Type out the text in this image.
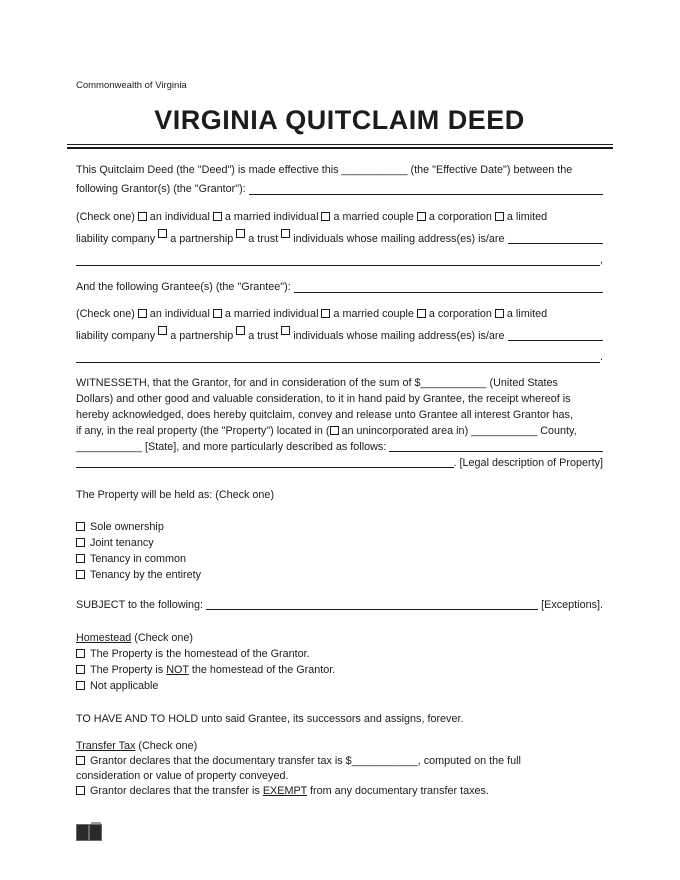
Commonwealth of Virginia
VIRGINIA QUITCLAIM DEED
This Quitclaim Deed (the "Deed") is made effective this ___________ (the "Effective Date") between the
following Grantor(s) (the "Grantor"):
(Check one)  an individual  a married individual  a married couple  a corporation  a limited
liability company a partnership a trust individuals whose mailing address(es) is/are
,
And the following Grantee(s) (the "Grantee"):
(Check one)  an individual  a married individual  a married couple  a corporation  a limited
liability company a partnership a trust individuals whose mailing address(es) is/are
.
WITNESSETH, that the Grantor, for and in consideration of the sum of $___________ (United States
Dollars) and other good and valuable consideration, to it in hand paid by Grantee, the receipt whereof is
hereby acknowledged, does hereby quitclaim, convey and release unto Grantee all interest Grantor has,
if any, in the real property (the "Property") located in ( an unincorporated area in) ___________ County,
___________ [State], and more particularly described as follows:
. [Legal description of Property]
The Property will be held as: (Check one)
Sole ownership
Joint tenancy
Tenancy in common
Tenancy by the entirety
SUBJECT to the following:	[Exceptions].
Homestead (Check one)
The Property is the homestead of the Grantor.
The Property is NOT the homestead of the Grantor.
Not applicable
TO HAVE AND TO HOLD unto said Grantee, its successors and assigns, forever.
Transfer Tax (Check one)
Grantor declares that the documentary transfer tax is $___________, computed on the full
consideration or value of property conveyed.
Grantor declares that the transfer is EXEMPT from any documentary transfer taxes.
